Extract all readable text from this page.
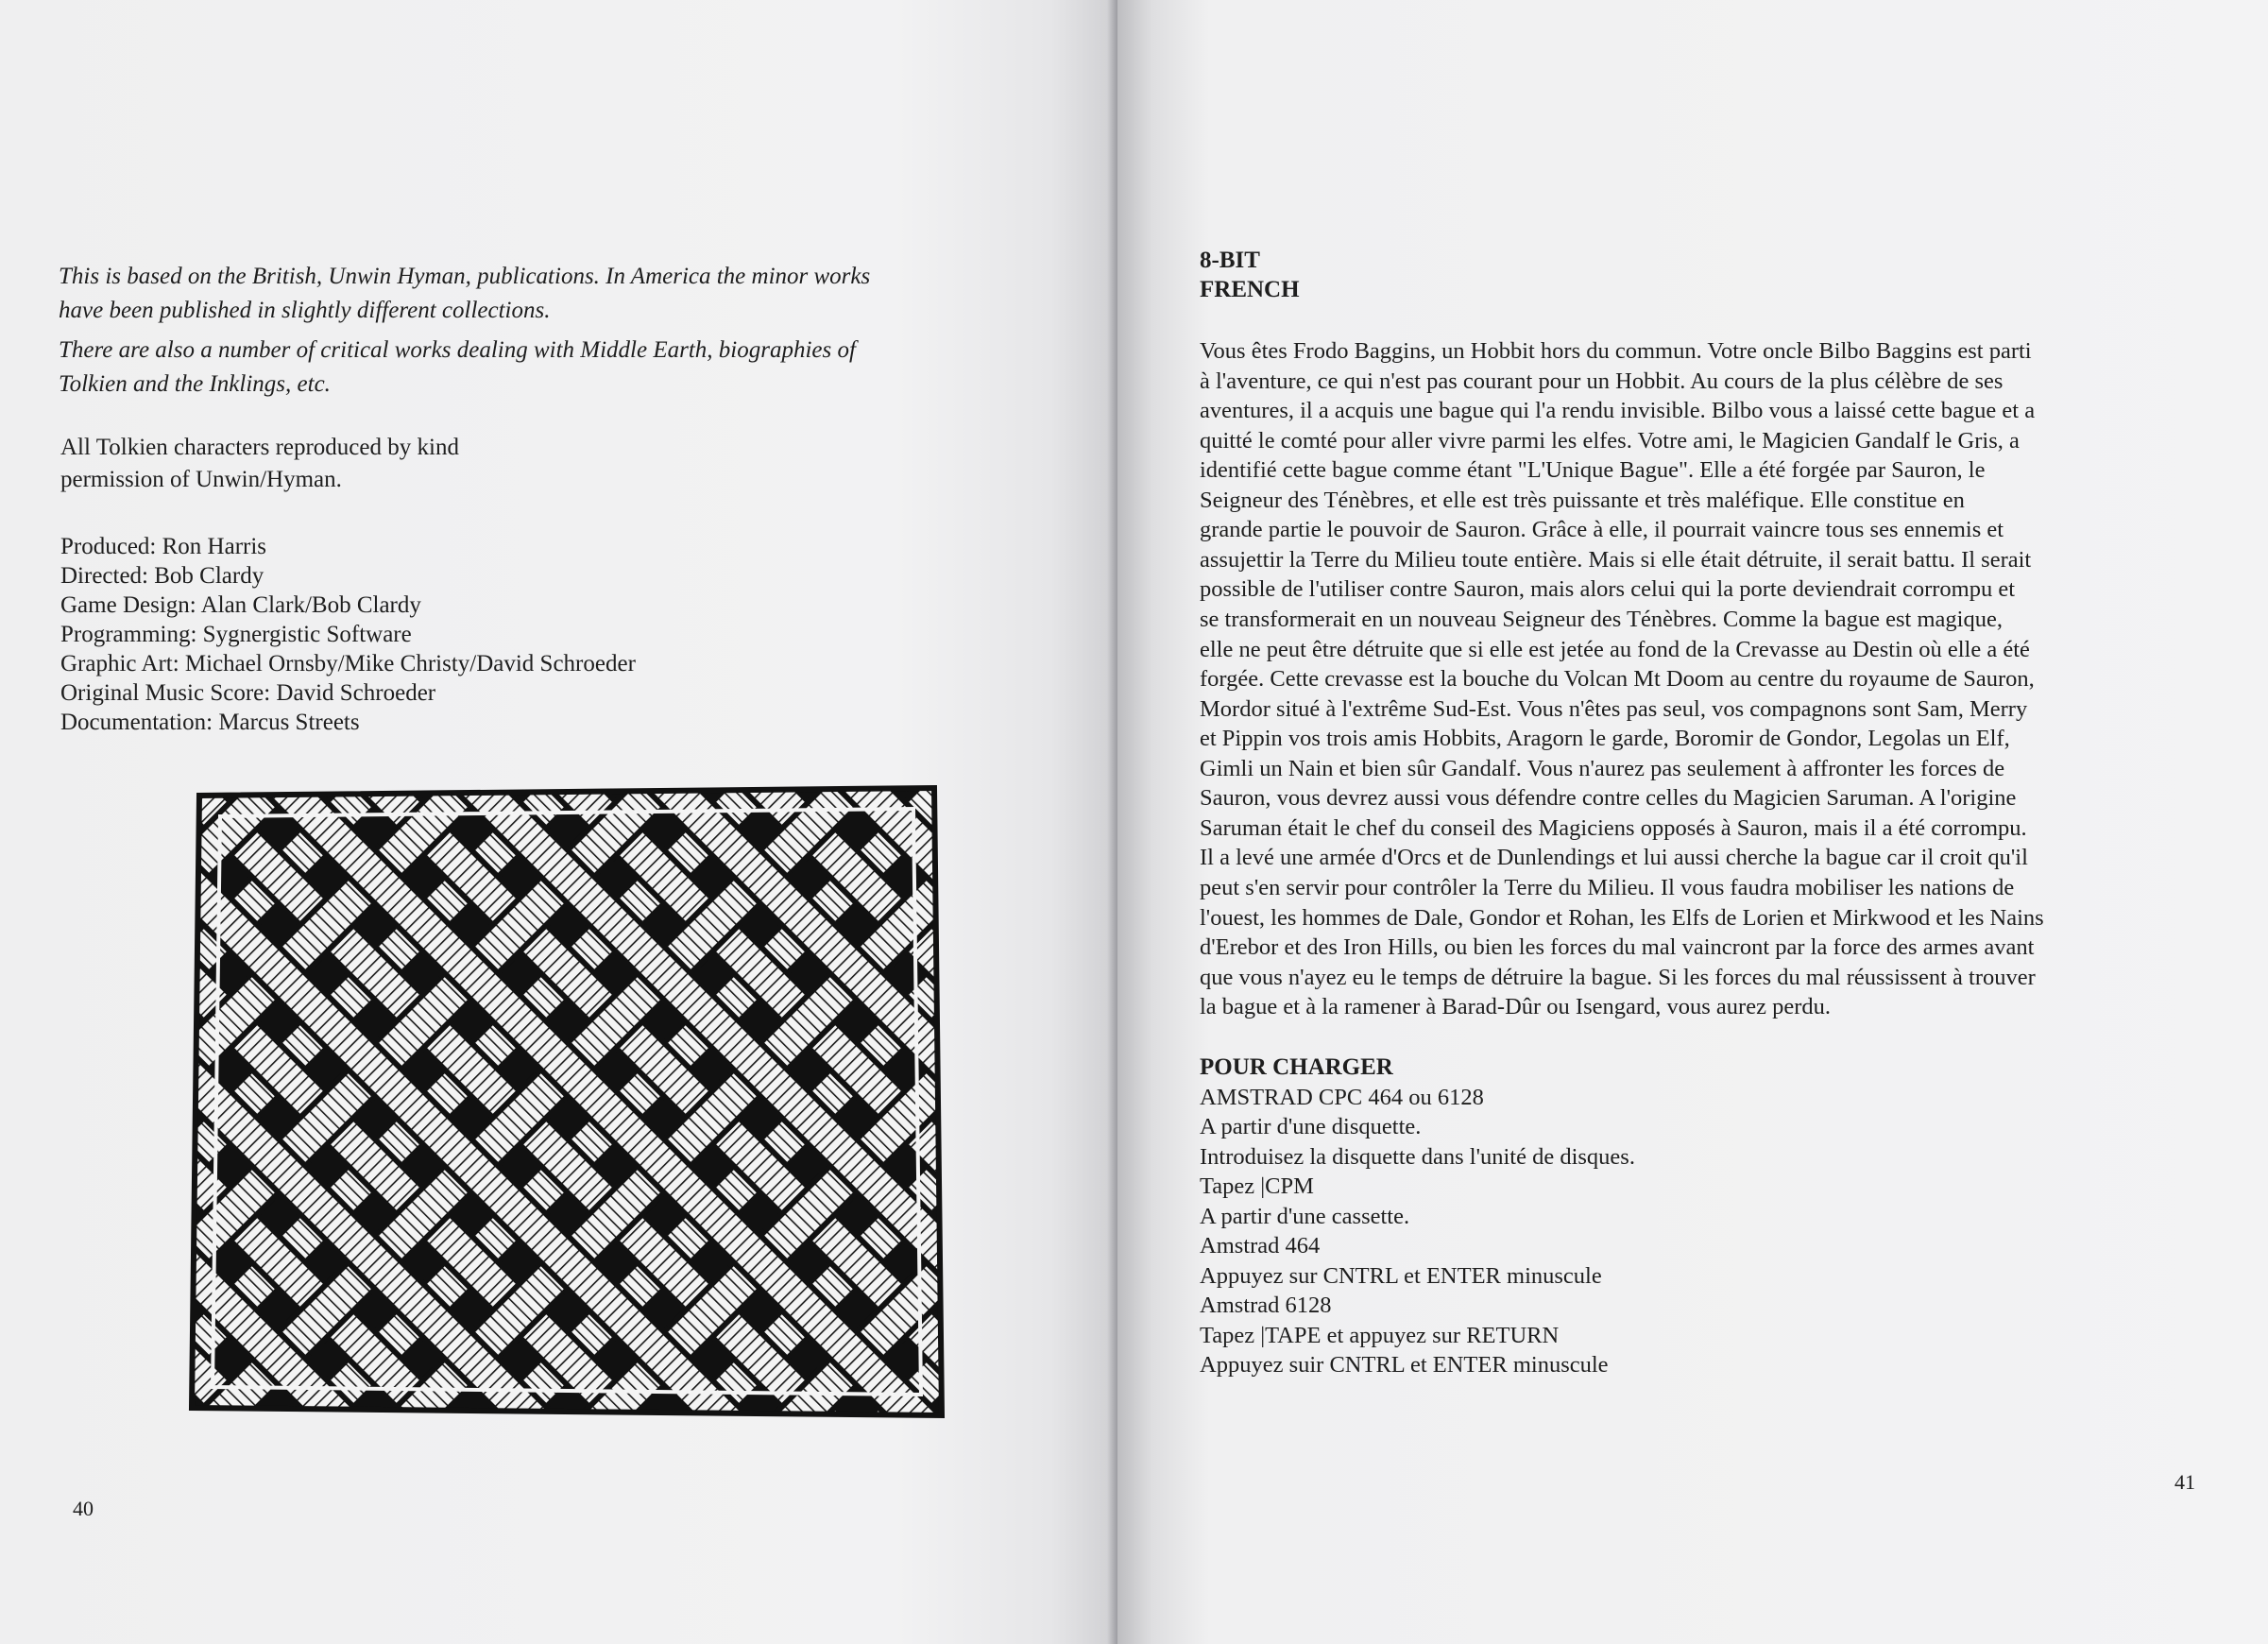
This is based on the British, Unwin Hyman, publications. In America the minor works
have been published in slightly different collections.
There are also a number of critical works dealing with Middle Earth, biographies of
Tolkien and the Inklings, etc.
All Tolkien characters reproduced by kind
permission of Unwin/Hyman.
Produced: Ron Harris
Directed: Bob Clardy
Game Design: Alan Clark/Bob Clardy
Programming: Sygnergistic Software
Graphic Art: Michael Ornsby/Mike Christy/David Schroeder
Original Music Score: David Schroeder
Documentation: Marcus Streets
40
8-BIT
FRENCH
Vous êtes Frodo Baggins, un Hobbit hors du commun. Votre oncle Bilbo Baggins est parti
à l'aventure, ce qui n'est pas courant pour un Hobbit. Au cours de la plus célèbre de ses
aventures, il a acquis une bague qui l'a rendu invisible. Bilbo vous a laissé cette bague et a
quitté le comté pour aller vivre parmi les elfes. Votre ami, le Magicien Gandalf le Gris, a
identifié cette bague comme étant "L'Unique Bague". Elle a été forgée par Sauron, le
Seigneur des Ténèbres, et elle est très puissante et très maléfique. Elle constitue en
grande partie le pouvoir de Sauron. Grâce à elle, il pourrait vaincre tous ses ennemis et
assujettir la Terre du Milieu toute entière. Mais si elle était détruite, il serait battu. Il serait
possible de l'utiliser contre Sauron, mais alors celui qui la porte deviendrait corrompu et
se transformerait en un nouveau Seigneur des Ténèbres. Comme la bague est magique,
elle ne peut être détruite que si elle est jetée au fond de la Crevasse au Destin où elle a été
forgée. Cette crevasse est la bouche du Volcan Mt Doom au centre du royaume de Sauron,
Mordor situé à l'extrême Sud-Est. Vous n'êtes pas seul, vos compagnons sont Sam, Merry
et Pippin vos trois amis Hobbits, Aragorn le garde, Boromir de Gondor, Legolas un Elf,
Gimli un Nain et bien sûr Gandalf. Vous n'aurez pas seulement à affronter les forces de
Sauron, vous devrez aussi vous défendre contre celles du Magicien Saruman. A l'origine
Saruman était le chef du conseil des Magiciens opposés à Sauron, mais il a été corrompu.
Il a levé une armée d'Orcs et de Dunlendings et lui aussi cherche la bague car il croit qu'il
peut s'en servir pour contrôler la Terre du Milieu. Il vous faudra mobiliser les nations de
l'ouest, les hommes de Dale, Gondor et Rohan, les Elfs de Lorien et Mirkwood et les Nains
d'Erebor et des Iron Hills, ou bien les forces du mal vaincront par la force des armes avant
que vous n'ayez eu le temps de détruire la bague. Si les forces du mal réussissent à trouver
la bague et à la ramener à Barad-Dûr ou Isengard, vous aurez perdu.
POUR CHARGER
AMSTRAD CPC 464 ou 6128
A partir d'une disquette.
Introduisez la disquette dans l'unité de disques.
Tapez |CPM
A partir d'une cassette.
Amstrad 464
Appuyez sur CNTRL et ENTER minuscule
Amstrad 6128
Tapez |TAPE et appuyez sur RETURN
Appuyez suir CNTRL et ENTER minuscule
41
